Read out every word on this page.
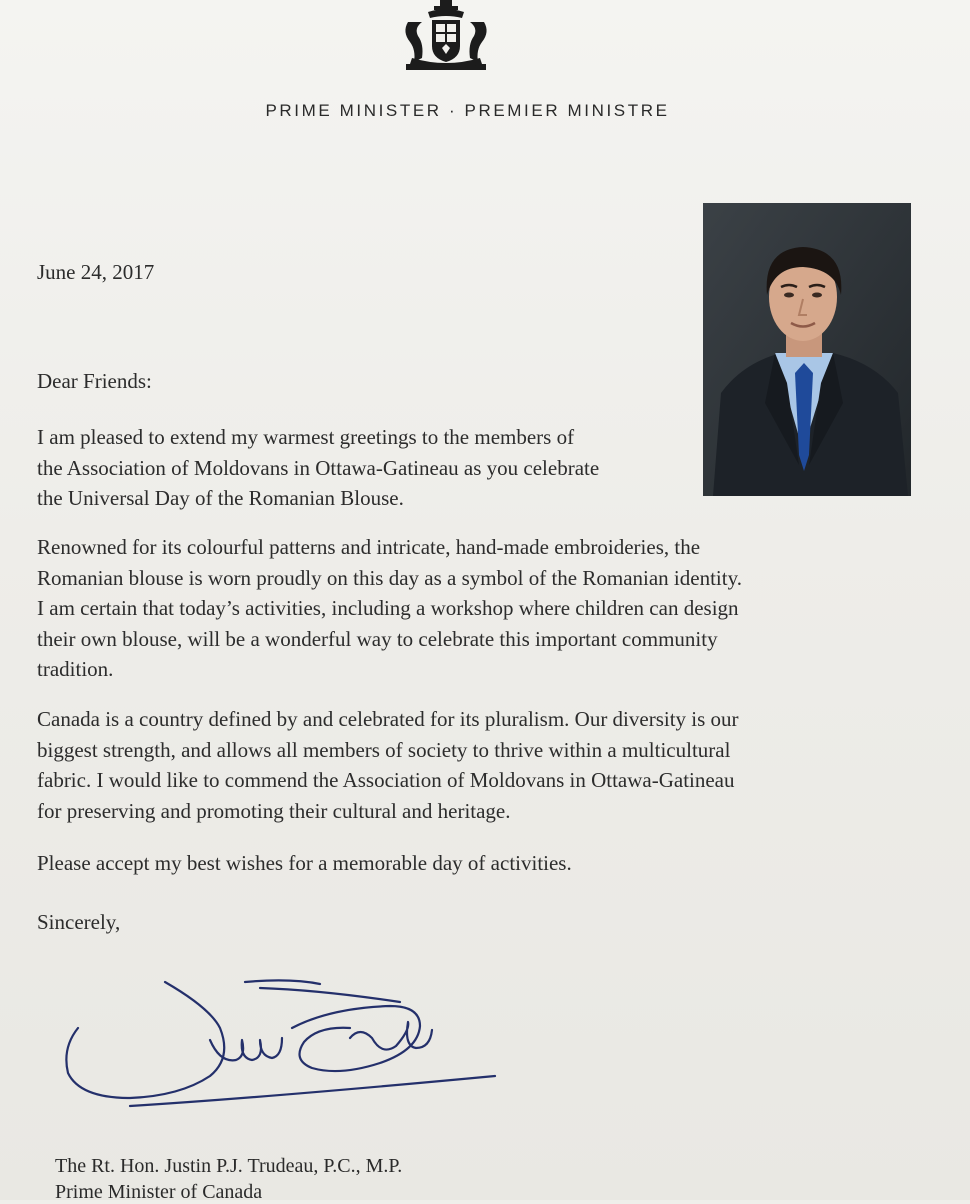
PRIME MINISTER · PREMIER MINISTRE
June 24, 2017
Dear Friends:
I am pleased to extend my warmest greetings to the members of
the Association of Moldovans in Ottawa-Gatineau as you celebrate
the Universal Day of the Romanian Blouse.
Renowned for its colourful patterns and intricate, hand-made embroideries, the
Romanian blouse is worn proudly on this day as a symbol of the Romanian identity.
I am certain that today’s activities, including a workshop where children can design
their own blouse, will be a wonderful way to celebrate this important community
tradition.
Canada is a country defined by and celebrated for its pluralism. Our diversity is our
biggest strength, and allows all members of society to thrive within a multicultural
fabric. I would like to commend the Association of Moldovans in Ottawa-Gatineau
for preserving and promoting their cultural and heritage.
Please accept my best wishes for a memorable day of activities.
Sincerely,
The Rt. Hon. Justin P.J. Trudeau, P.C., M.P.
Prime Minister of Canada
